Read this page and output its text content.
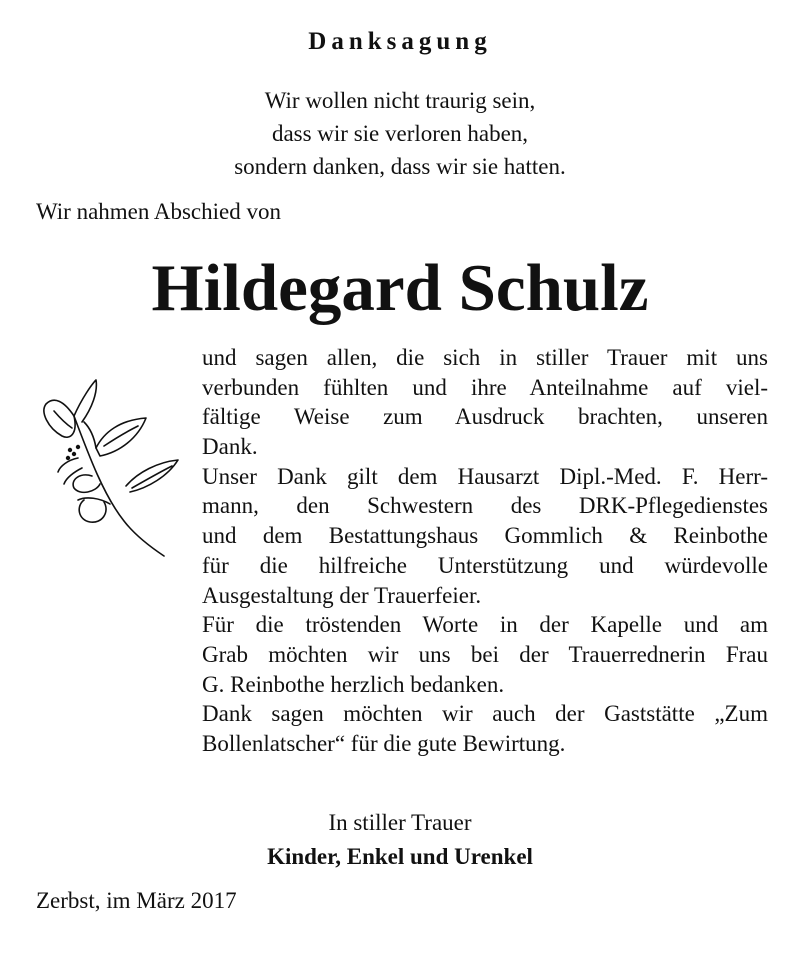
Danksagung
Wir wollen nicht traurig sein,
dass wir sie verloren haben,
sondern danken, dass wir sie hatten.
Wir nahmen Abschied von
Hildegard Schulz
und sagen allen, die sich in stiller Trauer mit uns
verbunden fühlten und ihre Anteilnahme auf viel-
fältige Weise zum Ausdruck brachten, unseren
Dank.
Unser Dank gilt dem Hausarzt Dipl.-Med. F. Herr-
mann, den Schwestern des DRK-Pflegedienstes
und dem Bestattungshaus Gommlich & Reinbothe
für die hilfreiche Unterstützung und würdevolle
Ausgestaltung der Trauerfeier.
Für die tröstenden Worte in der Kapelle und am
Grab möchten wir uns bei der Trauerrednerin Frau
G. Reinbothe herzlich bedanken.
Dank sagen möchten wir auch der Gaststätte „Zum
Bollenlatscher“ für die gute Bewirtung.
In stiller Trauer
Kinder, Enkel und Urenkel
Zerbst, im März 2017
